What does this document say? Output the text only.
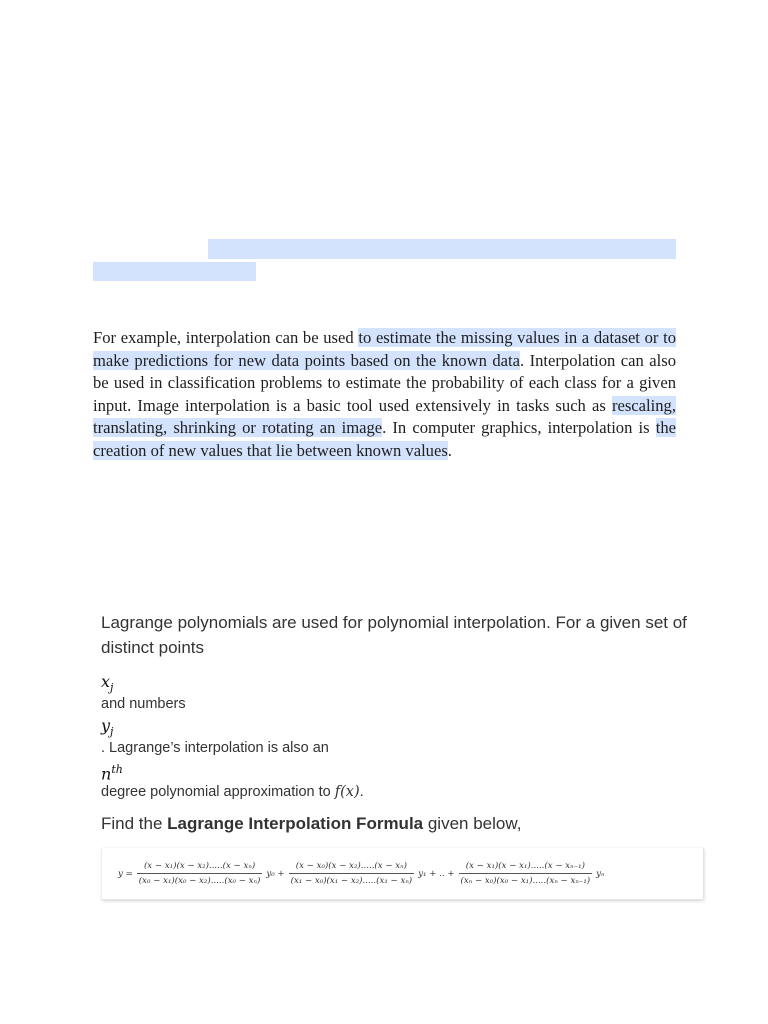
For example, interpolation can be used to estimate the missing values in a dataset or to make predictions for new data points based on the known data. Interpolation can also be used in classification problems to estimate the probability of each class for a given input. Image interpolation is a basic tool used extensively in tasks such as rescaling, translating, shrinking or rotating an image. In computer graphics, interpolation is the creation of new values that lie between known values.

Lagrange polynomials are used for polynomial interpolation. For a given set of distinct points

$x_j$

and numbers

$y_j$

. Lagrange’s interpolation is also an

$n^{th}$

degree polynomial approximation to f(x).

Find the Lagrange Interpolation Formula given below,

$y = \frac{\text{(x − x₁)(x − x₂).....(x − xₙ)}}{\text{(x₀ − x₁)(x₀ − x₂).....(x₀ − xₙ)}} y_0 + \frac{\text{(x − x₀)(x − x₂).....(x − xₙ)}}{\text{(x₁ − x₀)(x₁ − x₂).....(x₁ − xₙ)}} y_1$ + .. + $\frac{\text{(x − x₁)(x − x₁).....(x − xₙ₋₁)}}{\text{(xₙ − x₀)(x₀ − x₁).....(xₙ − xₙ₋₁)}}$ yₙ
